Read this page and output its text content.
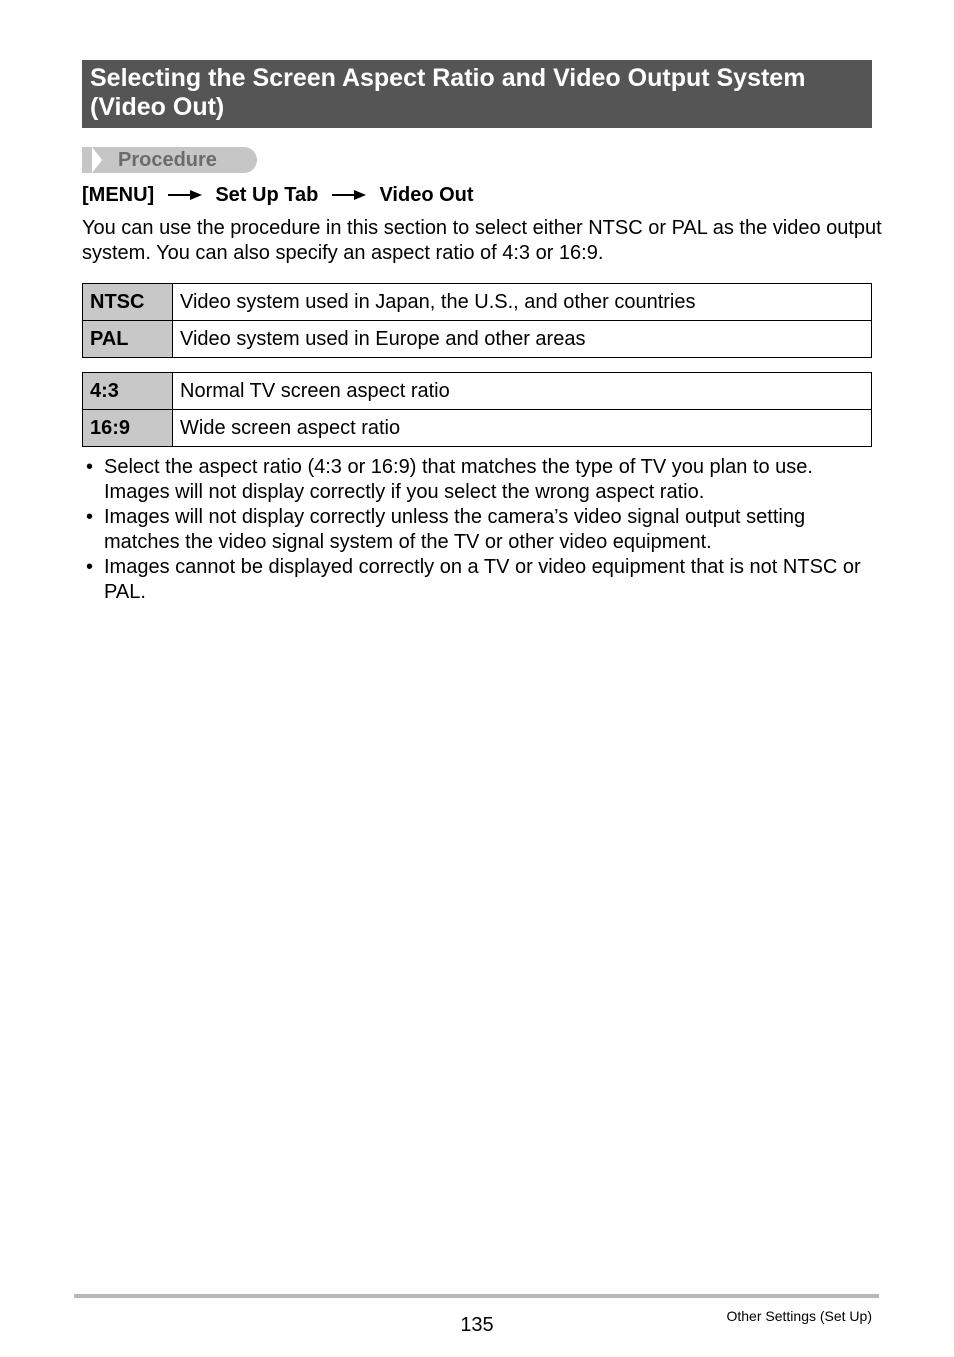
Selecting the Screen Aspect Ratio and Video Output System
(Video Out)
Procedure
[MENU]	Set Up Tab	Video Out

You can use the procedure in this section to select either NTSC or PAL as the video output system. You can also specify an aspect ratio of 4:3 or 16:9.

NTSC	Video system used in Japan, the U.S., and other countries
PAL	Video system used in Europe and other areas
4:3	Normal TV screen aspect ratio
16:9	Wide screen aspect ratio
• Select the aspect ratio (4:3 or 16:9) that matches the type of TV you plan to use. Images will not display correctly if you select the wrong aspect ratio.
• Images will not display correctly unless the camera’s video signal output setting matches the video signal system of the TV or other video equipment.
• Images cannot be displayed correctly on a TV or video equipment that is not NTSC or PAL.
135	Other Settings (Set Up)
